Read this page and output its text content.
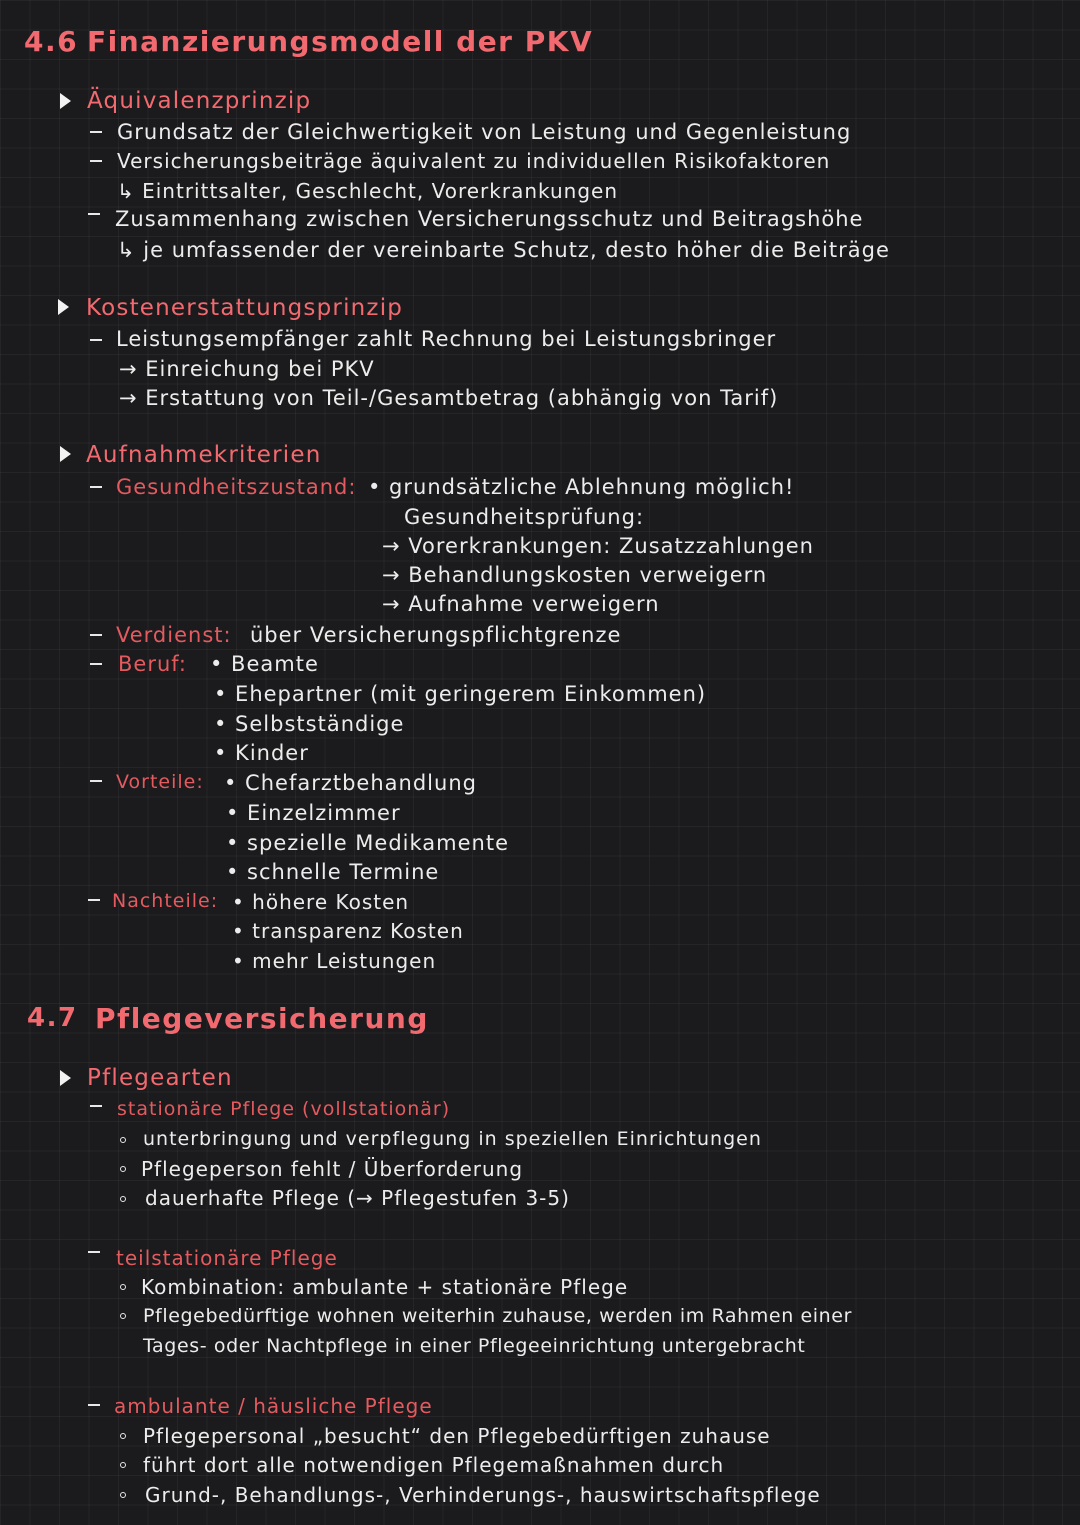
4.6 Finanzierungsmodell der PKV
Äquivalenzprinzip
Grundsatz der Gleichwertigkeit von Leistung und Gegenleistung
Versicherungsbeiträge äquivalent zu individuellen Risikofaktoren
↳ Eintrittsalter, Geschlecht, Vorerkrankungen
Zusammenhang zwischen Versicherungsschutz und Beitragshöhe
↳ je umfassender der vereinbarte Schutz, desto höher die Beiträge
Kostenerstattungsprinzip
Leistungsempfänger zahlt Rechnung bei Leistungsbringer
→ Einreichung bei PKV
→ Erstattung von Teil-/Gesamtbetrag (abhängig von Tarif)
Aufnahmekriterien
Gesundheitszustand: • grundsätzliche Ablehnung möglich!
Gesundheitsprüfung:
→ Vorerkrankungen: Zusatzzahlungen
→ Behandlungskosten verweigern
→ Aufnahme verweigern
Verdienst: über Versicherungspflichtgrenze
Beruf: • Beamte
• Ehepartner (mit geringerem Einkommen)
• Selbstständige
• Kinder
Vorteile: • Chefarztbehandlung
• Einzelzimmer
• spezielle Medikamente
• schnelle Termine
Nachteile: • höhere Kosten
• transparenz Kosten
• mehr Leistungen
4.7 Pflegeversicherung
Pflegearten
stationäre Pflege (vollstationär)
unterbringung und verpflegung in speziellen Einrichtungen
Pflegeperson fehlt / Überforderung
dauerhafte Pflege (→ Pflegestufen 3-5)
teilstationäre Pflege
Kombination: ambulante + stationäre Pflege
Pflegebedürftige wohnen weiterhin zuhause, werden im Rahmen einer
Tages- oder Nachtpflege in einer Pflegeeinrichtung untergebracht
ambulante / häusliche Pflege
Pflegepersonal „besucht“ den Pflegebedürftigen zuhause
führt dort alle notwendigen Pflegemaßnahmen durch
Grund-, Behandlungs-, Verhinderungs-, hauswirtschaftspflege
